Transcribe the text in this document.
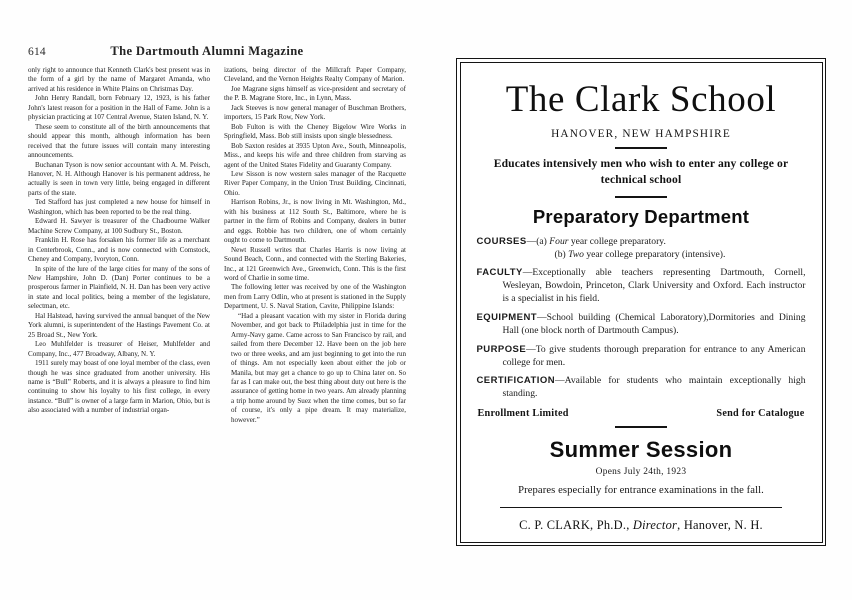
614	The Dartmouth Alumni Magazine

only right to announce that Kenneth Clark's best present was in the form of a girl by the name of Margaret Amanda, who arrived at his residence in White Plains on Christmas Day.

John Henry Randall, born February 12, 1923, is his father John's latest reason for a position in the Hall of Fame. John is a physician practicing at 107 Central Avenue, Staten Island, N. Y.

These seem to constitute all of the birth announcements that should appear this month, although information has been received that the future issues will contain many interesting announcements.

Buchanan Tyson is now senior accountant with A. M. Peisch, Hanover, N. H. Although Hanover is his permanent address, he actually is seen in town very little, being engaged in different parts of the state.

Ted Stafford has just completed a new house for himself in Washington, which has been reported to be the real thing.

Edward H. Sawyer is treasurer of the Chadbourne Walker Machine Screw Company, at 100 Sudbury St., Boston.

Franklin H. Rose has forsaken his former life as a merchant in Centerbrook, Conn., and is now connected with Comstock, Cheney and Company, Ivoryton, Conn.

In spite of the lure of the large cities for many of the sons of New Hampshire, John D. (Dan) Porter continues to be a prosperous farmer in Plainfield, N. H. Dan has been very active in state and local politics, being a member of the legislature, selectman, etc.

Hal Halstead, having survived the annual banquet of the New York alumni, is superintendent of the Hastings Pavement Co. at 25 Broad St., New York.

Leo Muhlfelder is treasurer of Heiser, Muhlfelder and Company, Inc., 477 Broadway, Albany, N. Y.

1911 surely may boast of one loyal member of the class, even though he was since graduated from another university. His name is “Bull” Roberts, and it is always a pleasure to find him continuing to show his loyalty to his first college, in every instance. “Bull” is owner of a large farm in Marion, Ohio, but is also associated with a number of industrial organ-

izations, being director of the Millcraft Paper Company, Cleveland, and the Vernon Heights Realty Company of Marion.

Joe Magrane signs himself as vice-president and secretary of the P. B. Magrane Store, Inc., in Lynn, Mass.

Jack Steeves is now general manager of Buschman Brothers, importers, 15 Park Row, New York.

Bob Fulton is with the Cheney Bigelow Wire Works in Springfield, Mass. Bob still insists upon single blessedness.

Bob Saxton resides at 3935 Upton Ave., South, Minneapolis, Miss., and keeps his wife and three children from starving as agent of the United States Fidelity and Guaranty Company.

Lew Sisson is now western sales manager of the Racquette River Paper Company, in the Union Trust Building, Cincinnati, Ohio.

Harrison Robins, Jr., is now living in Mt. Washington, Md., with his business at 112 South St., Baltimore, where he is partner in the firm of Robins and Company, dealers in butter and eggs. Robbie has two children, one of whom certainly ought to come to Dartmouth.

Newt Russell writes that Charles Harris is now living at Sound Beach, Conn., and connected with the Sterling Bakeries, Inc., at 121 Greenwich Ave., Greenwich, Conn. This is the first word of Charlie in some time.

The following letter was received by one of the Washington men from Larry Odlin, who at present is stationed in the Supply Department, U. S. Naval Station, Cavite, Philippine Islands:

“Had a pleasant vacation with my sister in Florida during November, and got back to Philadelphia just in time for the Army-Navy game. Came across to San Francisco by rail, and sailed from there December 12. Have been on the job here two or three weeks, and am just beginning to get into the run of things. Am not especially keen about either the job or Manila, but may get a chance to go up to China later on. So far as I can make out, the best thing about duty out here is the assurance of getting home in two years. Am already planning a trip home around by Suez when the time comes, but so far of course, it's only a pipe dream. It may materialize, however.”

The Clark School
HANOVER, NEW HAMPSHIRE
Educates intensively men who wish to enter any college or technical school
Preparatory Department
COURSES—(a) Four year college preparatory.
(b) Two year college preparatory (intensive).
FACULTY—Exceptionally able teachers representing Dartmouth, Cornell, Wesleyan, Bowdoin, Princeton, Clark University and Oxford. Each instructor is a specialist in his field.
EQUIPMENT—School building (Chemical Laboratory),Dormitories and Dining Hall (one block north of Dartmouth Campus).
PURPOSE—To give students thorough preparation for entrance to any American college for men.
CERTIFICATION—Available for students who maintain exceptionally high standing.
Enrollment Limited	Send for Catalogue
Summer Session
Opens July 24th, 1923
Prepares especially for entrance examinations in the fall.
C. P. CLARK, Ph.D., Director, Hanover, N. H.
